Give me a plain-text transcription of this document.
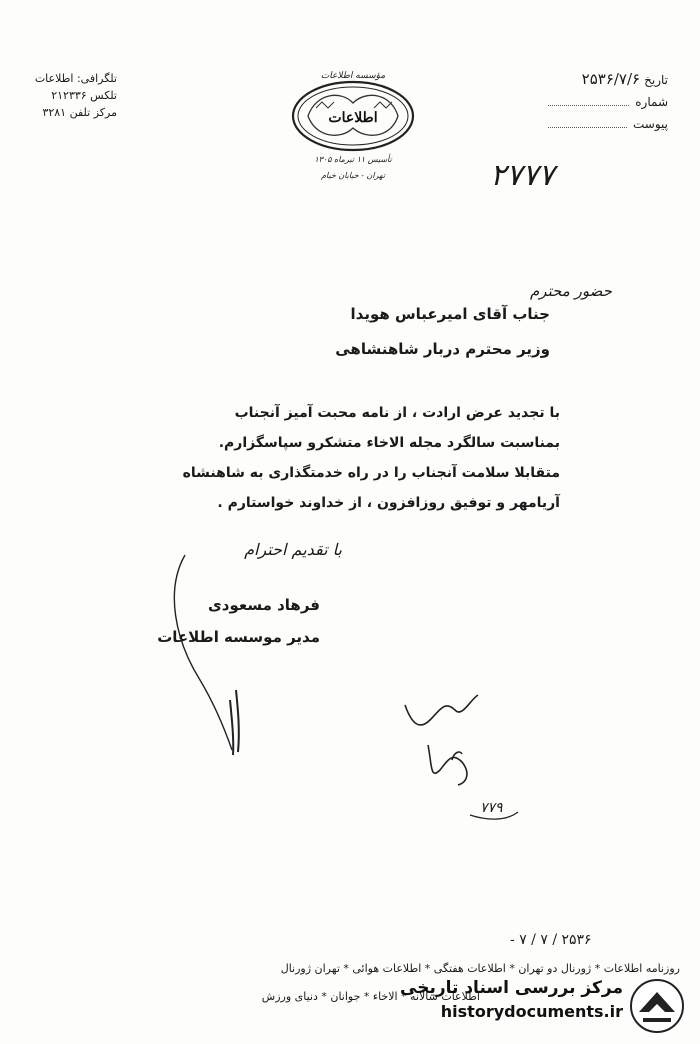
تلگرافی: اطلاعات
تلکس ۲۱۲۳۳۶
مرکز تلفن ۳۲۸۱
مؤسسه اطلاعات
اطلاعات
تأسیس ۱۱ تیرماه ۱۳۰۵
تهران - خیابان خیام
تاریخ
۲۵۳۶/۷/۶
شماره
پیوست
۲۷۷۷
حضور محترم
جناب آقای امیرعباس هویدا
وزیر محترم دربار شاهنشاهی
با تجدید عرض ارادت ، از نامه محبت آمیز آنجناب
بمناسبت سالگرد مجله الاخاء متشکرو سپاسگزارم.
متقابلا سلامت آنجناب را در راه خدمتگذاری به شاهنشاه
آریامهر و توفیق روزافزون ، از خداوند خواستارم .
با تقدیم احترام
فرهاد مسعودی
مدیر موسسه اطلاعات
۷۷۹
۲۵۳۶ / ۷ / ۷ -
روزنامه اطلاعات * ژورنال دو تهران * اطلاعات هفتگی * اطلاعات هوائی * تهران ژورنال
اطلاعات سالانه * الاخاء * جوانان * دنیای ورزش
مرکز بررسی اسناد تاریخی
historydocuments.ir
